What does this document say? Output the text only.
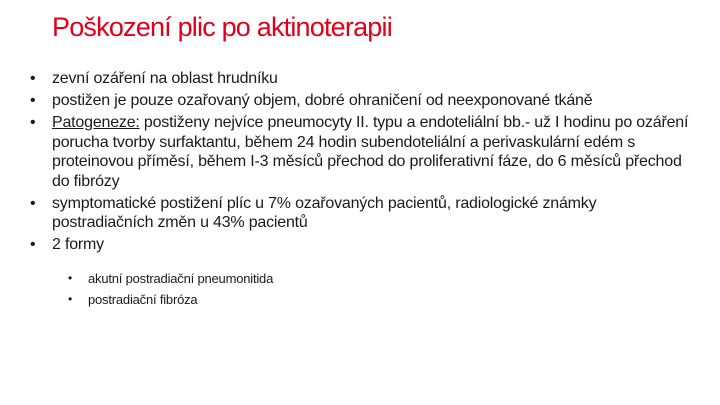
Poškození plic po aktinoterapii
• zevní ozáření na oblast hrudníku
• postižen je pouze ozařovaný objem, dobré ohraničení od neexponované tkáně
• Patogeneze: postiženy nejvíce pneumocyty II. typu a endoteliální bb.- už I hodinu po ozáření porucha tvorby surfaktantu, během 24 hodin subendoteliální a perivaskulární edém s proteinovou příměsí, během I-3 měsíců přechod do proliferativní fáze, do 6 měsíců přechod do fibrózy
• symptomatické postižení plíc u 7% ozařovaných pacientů, radiologické známky postradiačních změn u 43% pacientů
• 2 formy
• akutní postradiační pneumonitida
• postradiační fibróza
